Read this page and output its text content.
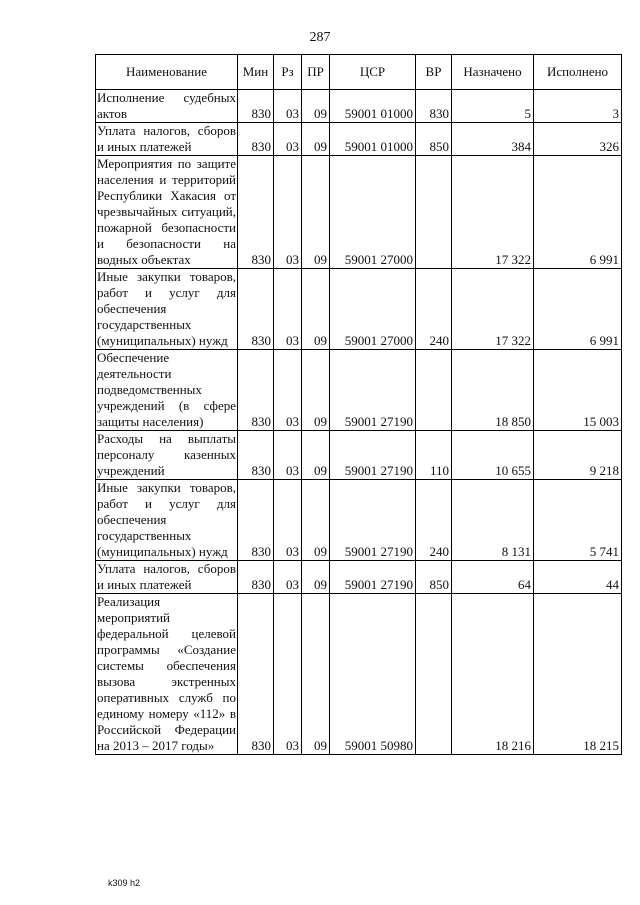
287
Наименование	Мин	Рз	ПР	ЦСР	ВР	Назначено	Исполнено
Исполнение судебных актов	830	03	09	59001 01000	830	5	3
Уплата налогов, сборов и иных платежей	830	03	09	59001 01000	850	384	326
Мероприятия по защите населения и территорий Республики Хакасия от чрезвычайных ситуаций, пожарной безопасности и безопасности на водных объектах	830	03	09	59001 27000		17 322	6 991
Иные закупки товаров, работ и услуг для обеспечения государственных (муниципальных) нужд	830	03	09	59001 27000	240	17 322	6 991
Обеспечение деятельности подведомственных учреждений (в сфере защиты населения)	830	03	09	59001 27190		18 850	15 003
Расходы на выплаты персоналу казенных учреждений	830	03	09	59001 27190	110	10 655	9 218
Иные закупки товаров, работ и услуг для обеспечения государственных (муниципальных) нужд	830	03	09	59001 27190	240	8 131	5 741
Уплата налогов, сборов и иных платежей	830	03	09	59001 27190	850	64	44
Реализация мероприятий федеральной целевой программы «Создание системы обеспечения вызова экстренных оперативных служб по единому номеру «112» в Российской Федерации на 2013 – 2017 годы»	830	03	09	59001 50980		18 216	18 215
k309 h2
